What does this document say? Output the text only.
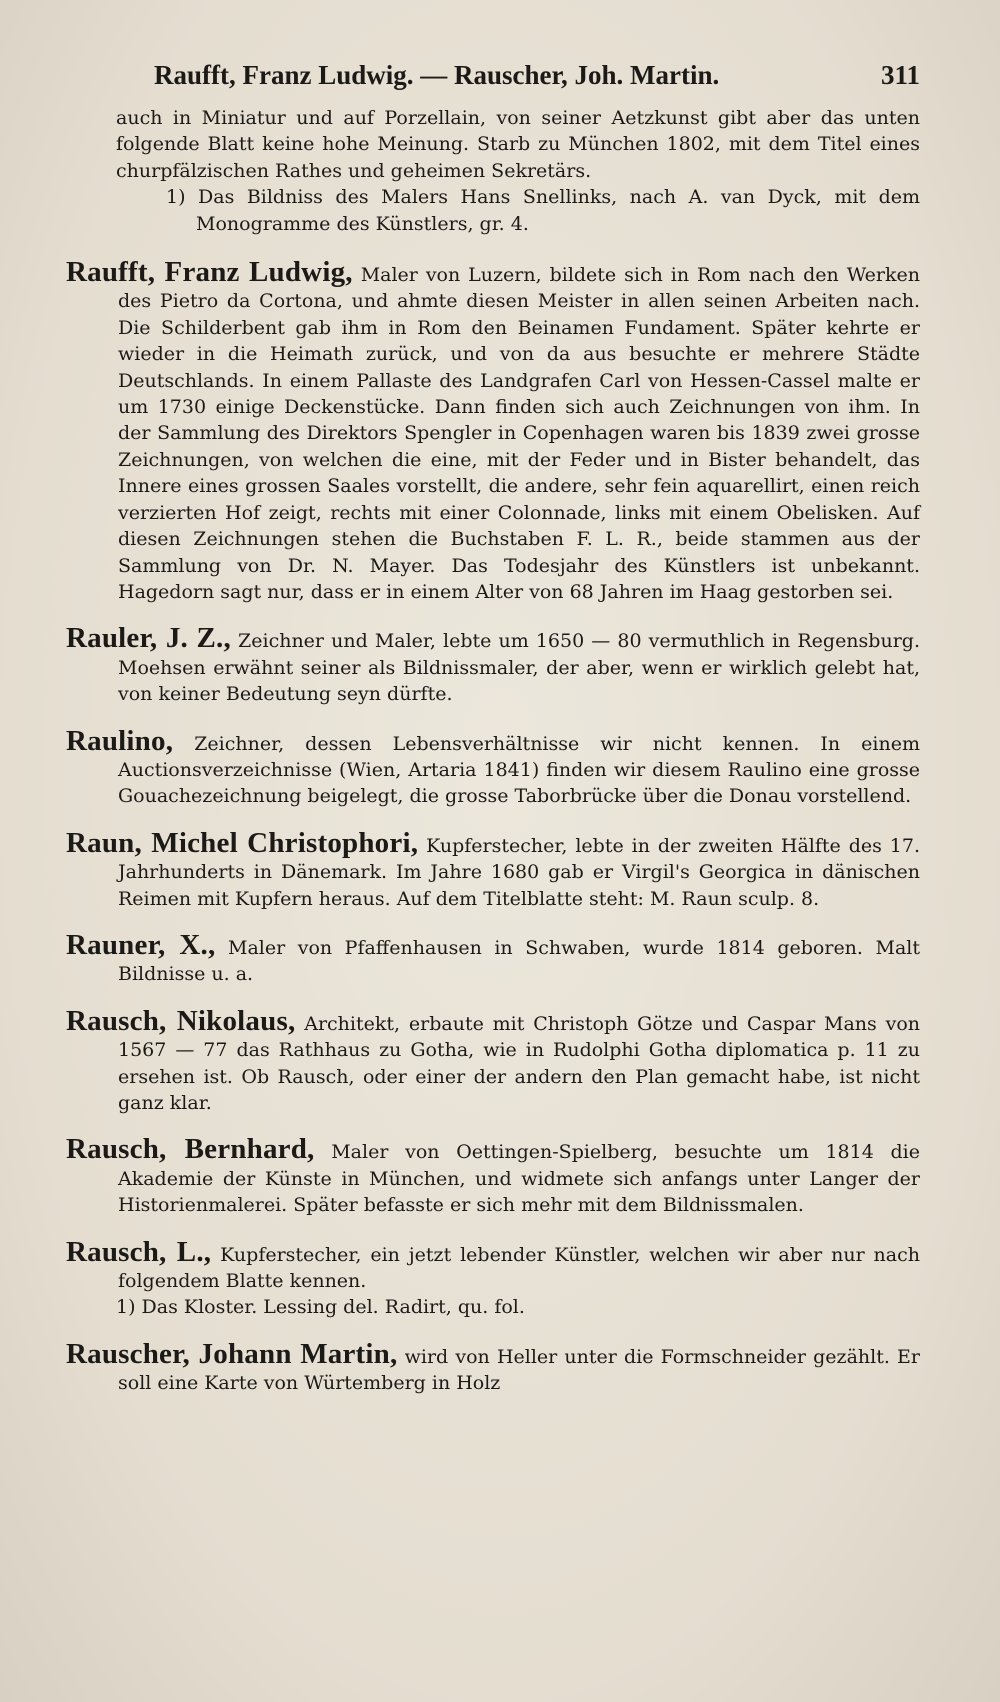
Raufft, Franz Ludwig. — Rauscher, Joh. Martin.	311

auch in Miniatur und auf Porzellain, von seiner Aetzkunst gibt aber das unten folgende Blatt keine hohe Meinung. Starb zu München 1802, mit dem Titel eines churpfälzischen Rathes und geheimen Sekretärs.

1) Das Bildniss des Malers Hans Snellinks, nach A. van Dyck, mit dem Monogramme des Künstlers, gr. 4.

Raufft, Franz Ludwig, Maler von Luzern, bildete sich in Rom nach den Werken des Pietro da Cortona, und ahmte diesen Meister in allen seinen Arbeiten nach. Die Schilderbent gab ihm in Rom den Beinamen Fundament. Später kehrte er wieder in die Heimath zurück, und von da aus besuchte er mehrere Städte Deutschlands. In einem Pallaste des Landgrafen Carl von Hessen-Cassel malte er um 1730 einige Deckenstücke. Dann finden sich auch Zeichnungen von ihm. In der Sammlung des Direktors Spengler in Copenhagen waren bis 1839 zwei grosse Zeichnungen, von welchen die eine, mit der Feder und in Bister behandelt, das Innere eines grossen Saales vorstellt, die andere, sehr fein aquarellirt, einen reich verzierten Hof zeigt, rechts mit einer Colonnade, links mit einem Obelisken. Auf diesen Zeichnungen stehen die Buchstaben F. L. R., beide stammen aus der Sammlung von Dr. N. Mayer. Das Todesjahr des Künstlers ist unbekannt. Hagedorn sagt nur, dass er in einem Alter von 68 Jahren im Haag gestorben sei.

Rauler, J. Z., Zeichner und Maler, lebte um 1650 — 80 vermuthlich in Regensburg. Moehsen erwähnt seiner als Bildnissmaler, der aber, wenn er wirklich gelebt hat, von keiner Bedeutung seyn dürfte.

Raulino, Zeichner, dessen Lebensverhältnisse wir nicht kennen. In einem Auctionsverzeichnisse (Wien, Artaria 1841) finden wir diesem Raulino eine grosse Gouachezeichnung beigelegt, die grosse Taborbrücke über die Donau vorstellend.

Raun, Michel Christophori, Kupferstecher, lebte in der zweiten Hälfte des 17. Jahrhunderts in Dänemark. Im Jahre 1680 gab er Virgil's Georgica in dänischen Reimen mit Kupfern heraus. Auf dem Titelblatte steht: M. Raun sculp. 8.

Rauner, X., Maler von Pfaffenhausen in Schwaben, wurde 1814 geboren. Malt Bildnisse u. a.

Rausch, Nikolaus, Architekt, erbaute mit Christoph Götze und Caspar Mans von 1567 — 77 das Rathhaus zu Gotha, wie in Rudolphi Gotha diplomatica p. 11 zu ersehen ist. Ob Rausch, oder einer der andern den Plan gemacht habe, ist nicht ganz klar.

Rausch, Bernhard, Maler von Oettingen-Spielberg, besuchte um 1814 die Akademie der Künste in München, und widmete sich anfangs unter Langer der Historienmalerei. Später befasste er sich mehr mit dem Bildnissmalen.

Rausch, L., Kupferstecher, ein jetzt lebender Künstler, welchen wir aber nur nach folgendem Blatte kennen.

1) Das Kloster. Lessing del. Radirt, qu. fol.

Rauscher, Johann Martin, wird von Heller unter die Formschneider gezählt. Er soll eine Karte von Würtemberg in Holz
